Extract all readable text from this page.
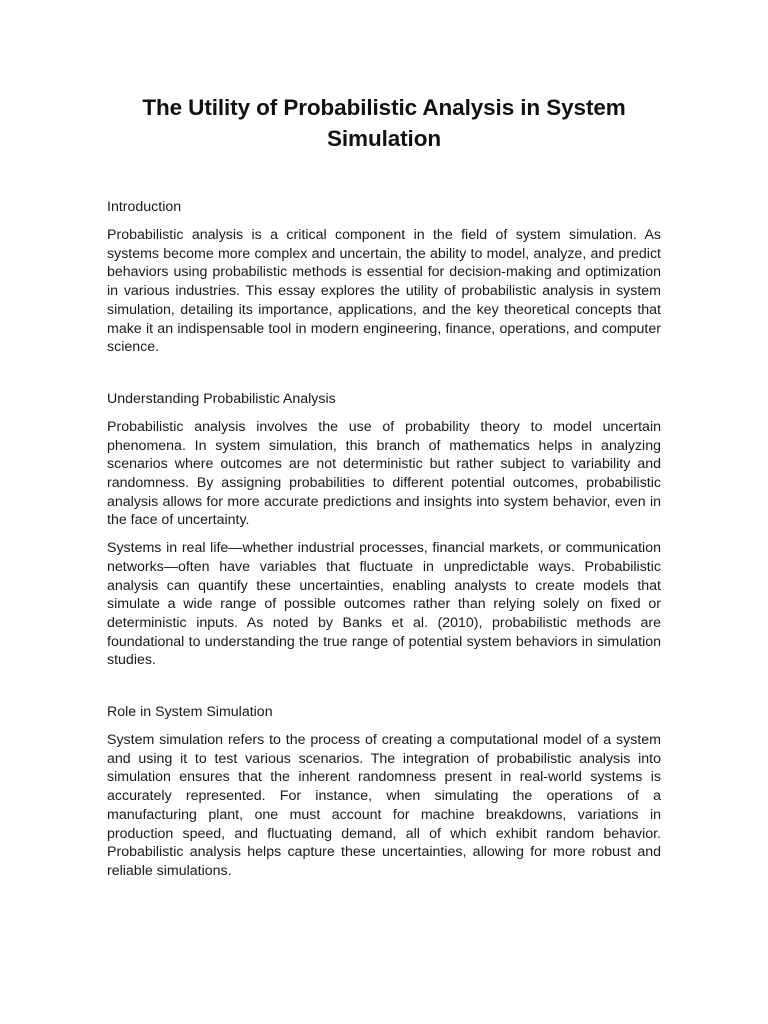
The Utility of Probabilistic Analysis in System Simulation
Introduction

Probabilistic analysis is a critical component in the field of system simulation. As systems become more complex and uncertain, the ability to model, analyze, and predict behaviors using probabilistic methods is essential for decision-making and optimization in various industries. This essay explores the utility of probabilistic analysis in system simulation, detailing its importance, applications, and the key theoretical concepts that make it an indispensable tool in modern engineering, finance, operations, and computer science.

Understanding Probabilistic Analysis

Probabilistic analysis involves the use of probability theory to model uncertain phenomena. In system simulation, this branch of mathematics helps in analyzing scenarios where outcomes are not deterministic but rather subject to variability and randomness. By assigning probabilities to different potential outcomes, probabilistic analysis allows for more accurate predictions and insights into system behavior, even in the face of uncertainty.

Systems in real life—whether industrial processes, financial markets, or communication networks—often have variables that fluctuate in unpredictable ways. Probabilistic analysis can quantify these uncertainties, enabling analysts to create models that simulate a wide range of possible outcomes rather than relying solely on fixed or deterministic inputs. As noted by Banks et al. (2010), probabilistic methods are foundational to understanding the true range of potential system behaviors in simulation studies.

Role in System Simulation

System simulation refers to the process of creating a computational model of a system and using it to test various scenarios. The integration of probabilistic analysis into simulation ensures that the inherent randomness present in real-world systems is accurately represented. For instance, when simulating the operations of a manufacturing plant, one must account for machine breakdowns, variations in production speed, and fluctuating demand, all of which exhibit random behavior. Probabilistic analysis helps capture these uncertainties, allowing for more robust and reliable simulations.
